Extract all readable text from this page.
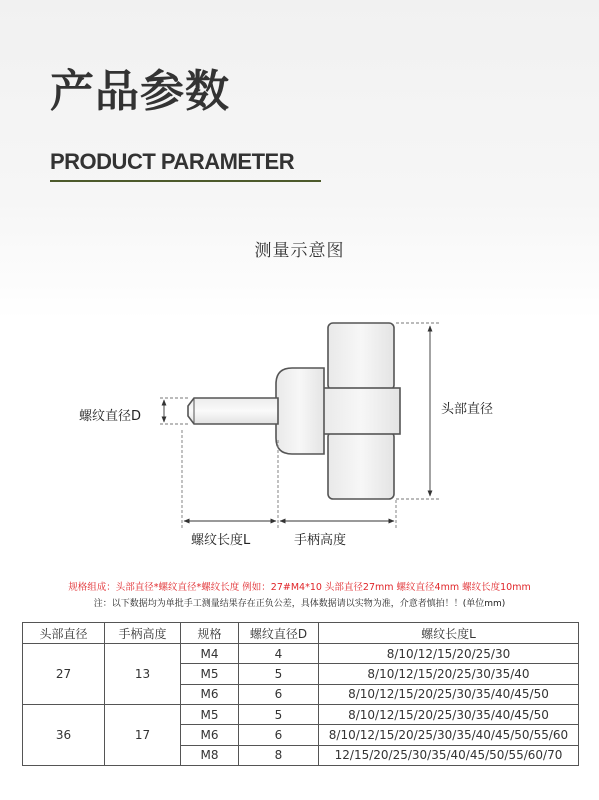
产品参数
PRODUCT PARAMETER
测量示意图
头部直径
螺纹直径D
螺纹长度L	手柄高度
规格组成：头部直径*螺纹直径*螺纹长度 例如：27#M4*10 头部直径27mm 螺纹直径4mm 螺纹长度10mm
注：以下数据均为单批手工测量结果存在正负公差，具体数据请以实物为准，介意者慎拍！！(单位mm)
头部直径	手柄高度	规格	螺纹直径D	螺纹长度L
27	13	M4	4	8/10/12/15/20/25/30
		M5	5	8/10/12/15/20/25/30/35/40
		M6	6	8/10/12/15/20/25/30/35/40/45/50
36	17	M5	5	8/10/12/15/20/25/30/35/40/45/50
		M6	6	8/10/12/15/20/25/30/35/40/45/50/55/60
		M8	8	12/15/20/25/30/35/40/45/50/55/60/70
